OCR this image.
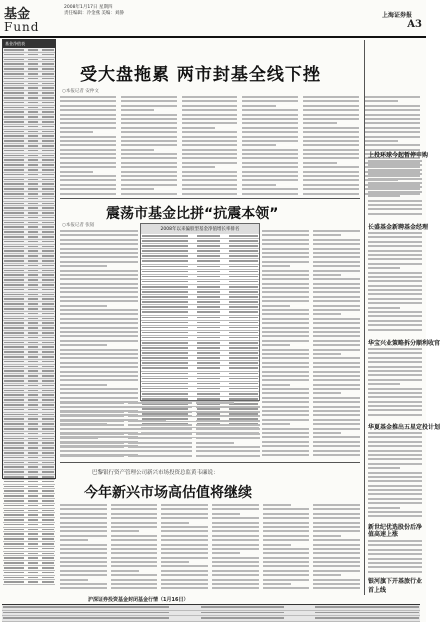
基金
Fund
2008年1月17日 星期四
责任编辑：冷金燕 美编：刘静	上海证券报
A3
基金净值表
受大盘拖累 两市封基全线下挫
○本报记者 安仲文
震荡市基金比拼“抗震本领”
○本报记者 张韬
2008年以来偏股型基金净值增长率排名
巴黎银行资产管理公司新兴市场投资总监黄韦廉说：
今年新兴市场高估值将继续
上投环球今起暂停申购
长盛基金新聘基金经理
华宝兴业策略拆分顺利收官
华夏基金推出五星定投计划
新世纪优选股份后净值高速上涨
银河旗下开基旅行业首上线
沪深证券投资基金封闭基金行情（1月16日）
